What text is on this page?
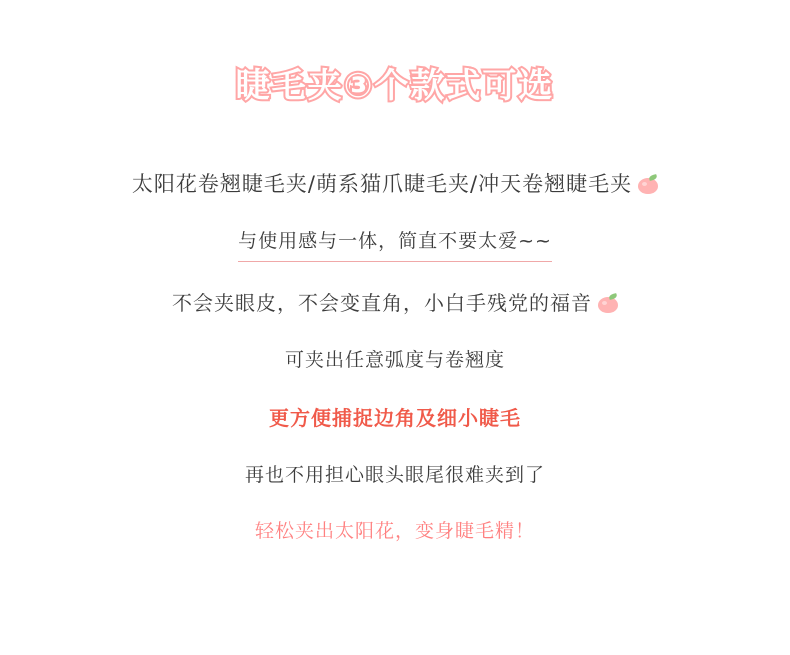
睫毛夹③个款式可选
太阳花卷翘睫毛夹/萌系猫爪睫毛夹/冲天卷翘睫毛夹
与使用感与一体，简直不要太爱~~
不会夹眼皮，不会变直角，小白手残党的福音
可夹出任意弧度与卷翘度
更方便捕捉边角及细小睫毛
再也不用担心眼头眼尾很难夹到了
轻松夹出太阳花，变身睫毛精！
